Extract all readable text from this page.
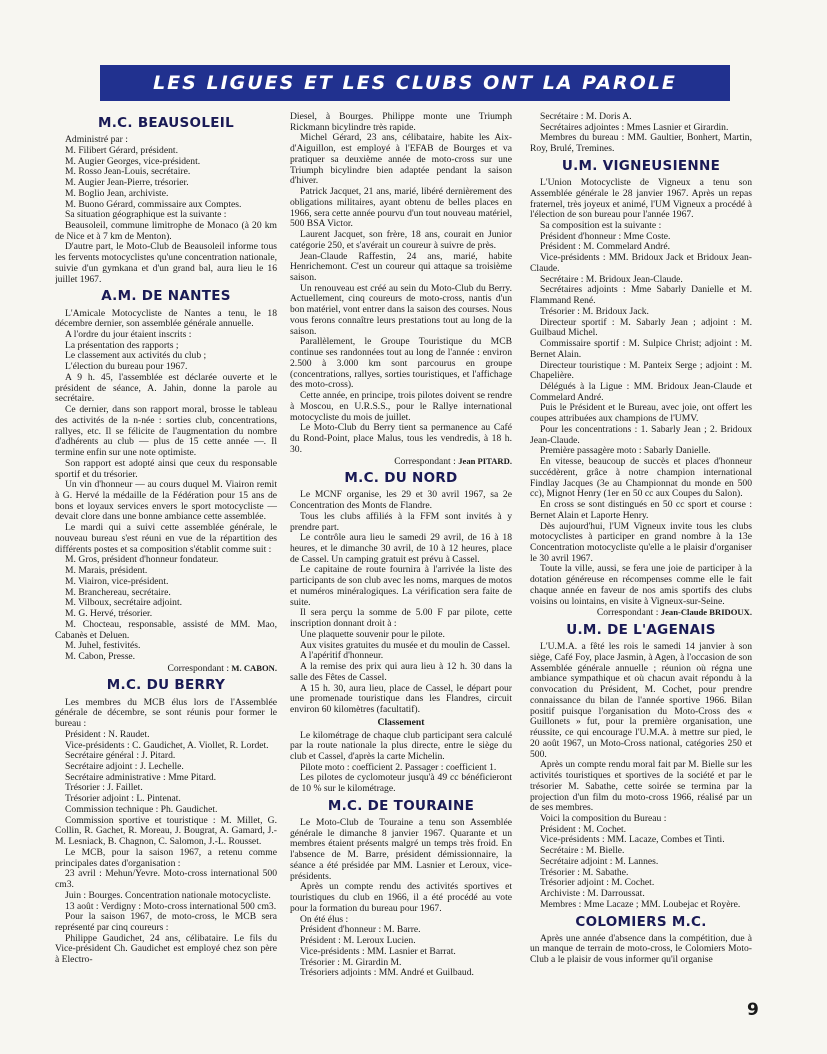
LES LIGUES ET LES CLUBS ONT LA PAROLE
M.C. BEAUSOLEIL

Administré par :

M. Filibert Gérard, président.

M. Augier Georges, vice-président.

M. Rosso Jean-Louis, secrétaire.

M. Augier Jean-Pierre, trésorier.

M. Boglio Jean, archiviste.

M. Buono Gérard, commissaire aux Comptes.

Sa situation géographique est la suivante :

Beausoleil, commune limitrophe de Monaco (à 20 km de Nice et à 7 km de Menton).

D'autre part, le Moto-Club de Beausoleil informe tous les fervents motocyclistes qu'une concentration nationale, suivie d'un gymkana et d'un grand bal, aura lieu le 16 juillet 1967.

A.M. DE NANTES

L'Amicale Motocycliste de Nantes a tenu, le 18 décembre dernier, son assemblée générale annuelle.

A l'ordre du jour étaient inscrits :

La présentation des rapports ;

Le classement aux activités du club ;

L'élection du bureau pour 1967.

A 9 h. 45, l'assemblée est déclarée ouverte et le président de séance, A. Jahin, donne la parole au secrétaire.

Ce dernier, dans son rapport moral, brosse le tableau des activités de la n-née : sorties club, concentrations, rallyes, etc. Il se félicite de l'augmentation du nombre d'adhérents au club — plus de 15 cette année —. Il termine enfin sur une note optimiste.

Son rapport est adopté ainsi que ceux du responsable sportif et du trésorier.

Un vin d'honneur — au cours duquel M. Viairon remit à G. Hervé la médaille de la Fédération pour 15 ans de bons et loyaux services envers le sport motocycliste — devait clore dans une bonne ambiance cette assemblée.

Le mardi qui a suivi cette assemblée générale, le nouveau bureau s'est réuni en vue de la répartition des différents postes et sa composition s'établit comme suit :

M. Gros, président d'honneur fondateur.

M. Marais, président.

M. Viairon, vice-président.

M. Branchereau, secrétaire.

M. Vilboux, secrétaire adjoint.

M. G. Hervé, trésorier.

M. Chocteau, responsable, assisté de MM. Mao, Cabanès et Deluen.

M. Juhel, festivités.

M. Cabon, Presse.

Correspondant : M. CABON.

M.C. DU BERRY

Les membres du MCB élus lors de l'Assemblée générale de décembre, se sont réunis pour former le bureau :

Président : N. Raudet.

Vice-présidents : C. Gaudichet, A. Viollet, R. Lordet.

Secrétaire général : J. Pitard.

Secrétaire adjoint : J. Lechelle.

Secrétaire administrative : Mme Pitard.

Trésorier : J. Faillet.

Trésorier adjoint : L. Pintenat.

Commission technique : Ph. Gaudichet.

Commission sportive et touristique : M. Millet, G. Collin, R. Gachet, R. Moreau, J. Bougrat, A. Gamard, J.-M. Lesniack, B. Chagnon, C. Salomon, J.-L. Rousset.

Le MCB, pour la saison 1967, a retenu comme principales dates d'organisation :

23 avril : Mehun/Yevre. Moto-cross international 500 cm3.

Juin : Bourges. Concentration nationale motocycliste.

13 août : Verdigny : Moto-cross international 500 cm3.

Pour la saison 1967, de moto-cross, le MCB sera représenté par cinq coureurs :

Philippe Gaudichet, 24 ans, célibataire. Le fils du Vice-président Ch. Gaudichet est employé chez son père à Electro-

Diesel, à Bourges. Philippe monte une Triumph Rickmann bicylindre très rapide.

Michel Gérard, 23 ans, célibataire, habite les Aix-d'Aiguillon, est employé à l'EFAB de Bourges et va pratiquer sa deuxième année de moto-cross sur une Triumph bicylindre bien adaptée pendant la saison d'hiver.

Patrick Jacquet, 21 ans, marié, libéré dernièrement des obligations militaires, ayant obtenu de belles places en 1966, sera cette année pourvu d'un tout nouveau matériel, 500 BSA Victor.

Laurent Jacquet, son frère, 18 ans, courait en Junior catégorie 250, et s'avérait un coureur à suivre de près.

Jean-Claude Raffestin, 24 ans, marié, habite Henrichemont. C'est un coureur qui attaque sa troisième saison.

Un renouveau est créé au sein du Moto-Club du Berry. Actuellement, cinq coureurs de moto-cross, nantis d'un bon matériel, vont entrer dans la saison des courses. Nous vous ferons connaître leurs prestations tout au long de la saison.

Parallèlement, le Groupe Touristique du MCB continue ses randonnées tout au long de l'année : environ 2.500 à 3.000 km sont parcourus en groupe (concentrations, rallyes, sorties touristiques, et l'affichage des moto-cross).

Cette année, en principe, trois pilotes doivent se rendre à Moscou, en U.R.S.S., pour le Rallye international motocycliste du mois de juillet.

Le Moto-Club du Berry tient sa permanence au Café du Rond-Point, place Malus, tous les vendredis, à 18 h. 30.

Correspondant : Jean PITARD.

M.C. DU NORD

Le MCNF organise, les 29 et 30 avril 1967, sa 2e Concentration des Monts de Flandre.

Tous les clubs affiliés à la FFM sont invités à y prendre part.

Le contrôle aura lieu le samedi 29 avril, de 16 à 18 heures, et le dimanche 30 avril, de 10 à 12 heures, place de Cassel. Un camping gratuit est prévu à Cassel.

Le capitaine de route fournira à l'arrivée la liste des participants de son club avec les noms, marques de motos et numéros minéralogiques. La vérification sera faite de suite.

Il sera perçu la somme de 5.00 F par pilote, cette inscription donnant droit à :

Une plaquette souvenir pour le pilote.

Aux visites gratuites du musée et du moulin de Cassel.

A l'apéritif d'honneur.

A la remise des prix qui aura lieu à 12 h. 30 dans la salle des Fêtes de Cassel.

A 15 h. 30, aura lieu, place de Cassel, le départ pour une promenade touristique dans les Flandres, circuit environ 60 kilomètres (facultatif).

Classement

Le kilométrage de chaque club participant sera calculé par la route nationale la plus directe, entre le siège du club et Cassel, d'après la carte Michelin.

Pilote moto : coefficient 2. Passager : coefficient 1.

Les pilotes de cyclomoteur jusqu'à 49 cc bénéficieront de 10 % sur le kilométrage.

M.C. DE TOURAINE

Le Moto-Club de Touraine a tenu son Assemblée générale le dimanche 8 janvier 1967. Quarante et un membres étaient présents malgré un temps très froid. En l'absence de M. Barre, président démissionnaire, la séance a été présidée par MM. Lasnier et Leroux, vice-présidents.

Après un compte rendu des activités sportives et touristiques du club en 1966, il a été procédé au vote pour la formation du bureau pour 1967.

On été élus :

Président d'honneur : M. Barre.

Président : M. Leroux Lucien.

Vice-présidents : MM. Lasnier et Barrat.

Trésorier : M. Girardin M.

Trésoriers adjoints : MM. André et Guilbaud.

Secrétaire : M. Doris A.

Secrétaires adjointes : Mmes Lasnier et Girardin.

Membres du bureau : MM. Gaultier, Bonhert, Martin, Roy, Brulé, Tremines.

U.M. VIGNEUSIENNE

L'Union Motocycliste de Vigneux a tenu son Assemblée générale le 28 janvier 1967. Après un repas fraternel, très joyeux et animé, l'UM Vigneux a procédé à l'élection de son bureau pour l'année 1967.

Sa composition est la suivante :

Président d'honneur : Mme Coste.

Président : M. Commelard André.

Vice-présidents : MM. Bridoux Jack et Bridoux Jean-Claude.

Secrétaire : M. Bridoux Jean-Claude.

Secrétaires adjoints : Mme Sabarly Danielle et M. Flammand René.

Trésorier : M. Bridoux Jack.

Directeur sportif : M. Sabarly Jean ; adjoint : M. Guilbaud Michel.

Commissaire sportif : M. Sulpice Christ; adjoint : M. Bernet Alain.

Directeur touristique : M. Panteix Serge ; adjoint : M. Chapelière.

Délégués à la Ligue : MM. Bridoux Jean-Claude et Commelard André.

Puis le Président et le Bureau, avec joie, ont offert les coupes attribuées aux champions de l'UMV.

Pour les concentrations : 1. Sabarly Jean ; 2. Bridoux Jean-Claude.

Première passagère moto : Sabarly Danielle.

En vitesse, beaucoup de succès et places d'honneur succédèrent, grâce à notre champion international Findlay Jacques (3e au Championnat du monde en 500 cc), Mignot Henry (1er en 50 cc aux Coupes du Salon).

En cross se sont distingués en 50 cc sport et course : Bernet Alain et Laporte Henry.

Dès aujourd'hui, l'UM Vigneux invite tous les clubs motocyclistes à participer en grand nombre à la 13e Concentration motocycliste qu'elle a le plaisir d'organiser le 30 avril 1967.

Toute la ville, aussi, se fera une joie de participer à la dotation généreuse en récompenses comme elle le fait chaque année en faveur de nos amis sportifs des clubs voisins ou lointains, en visite à Vigneux-sur-Seine.

Correspondant : Jean-Claude BRIDOUX.

U.M. DE L'AGENAIS

L'U.M.A. a fêté les rois le samedi 14 janvier à son siège, Café Foy, place Jasmin, à Agen, à l'occasion de son Assemblée générale annuelle ; réunion où régna une ambiance sympathique et où chacun avait répondu à la convocation du Président, M. Cochet, pour prendre connaissance du bilan de l'année sportive 1966. Bilan positif puisque l'organisation du Moto-Cross des « Guillonets » fut, pour la première organisation, une réussite, ce qui encourage l'U.M.A. à mettre sur pied, le 20 août 1967, un Moto-Cross national, catégories 250 et 500.

Après un compte rendu moral fait par M. Bielle sur les activités touristiques et sportives de la société et par le trésorier M. Sabathe, cette soirée se termina par la projection d'un film du moto-cross 1966, réalisé par un de ses membres.

Voici la composition du Bureau :

Président : M. Cochet.

Vice-présidents : MM. Lacaze, Combes et Tinti.

Secrétaire : M. Bielle.

Secrétaire adjoint : M. Lannes.

Trésorier : M. Sabathe.

Trésorier adjoint : M. Cochet.

Archiviste : M. Darroussat.

Membres : Mme Lacaze ; MM. Loubejac et Royère.

COLOMIERS M.C.

Après une année d'absence dans la compétition, due à un manque de terrain de moto-cross, le Colomiers Moto-Club a le plaisir de vous informer qu'il organise

9
